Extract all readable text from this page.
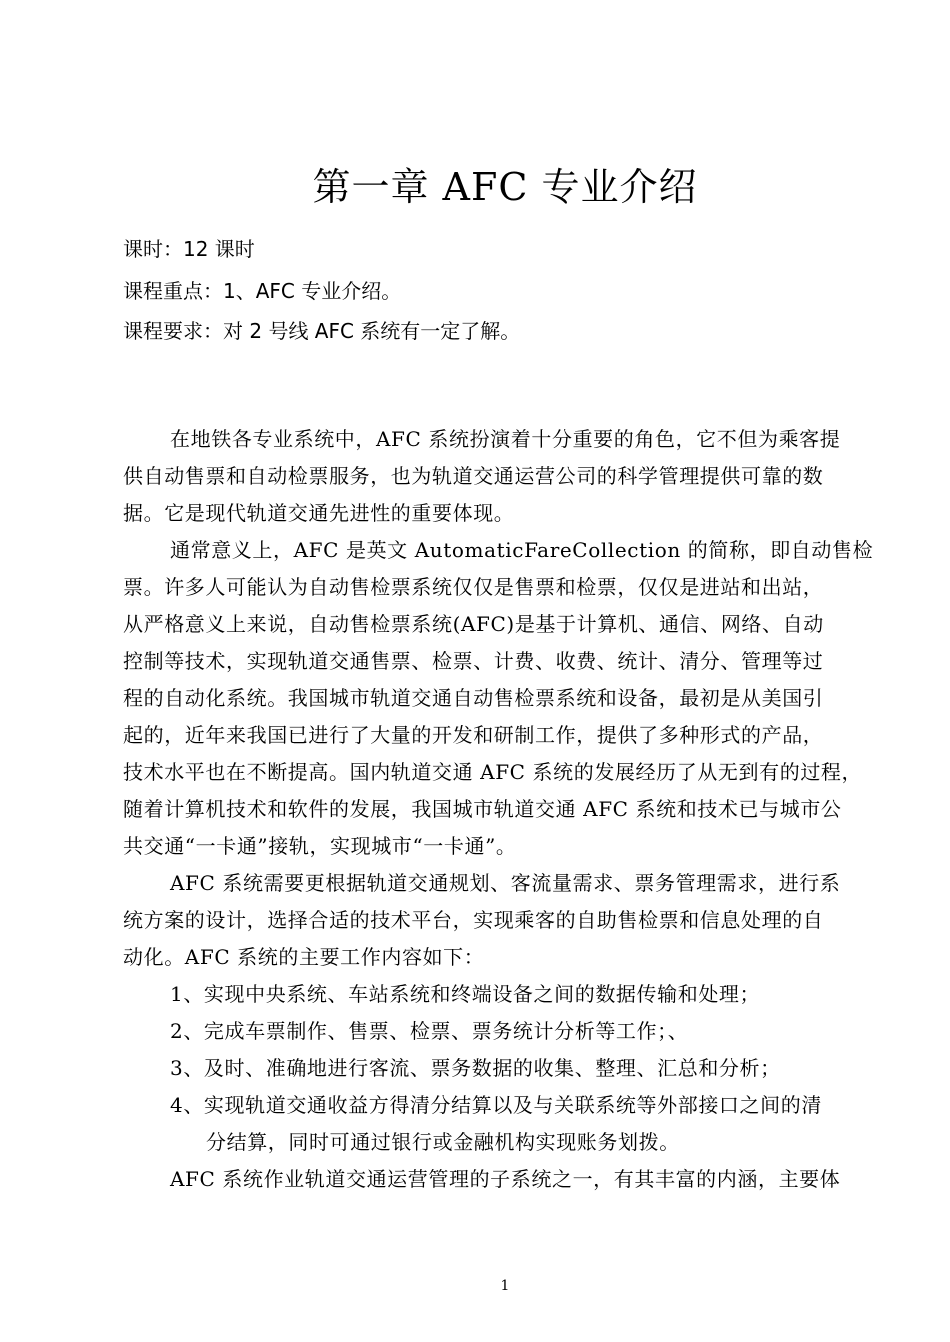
第一章 AFC 专业介绍
课时：12 课时
课程重点：1、AFC 专业介绍。
课程要求：对 2 号线 AFC 系统有一定了解。
在地铁各专业系统中，AFC 系统扮演着十分重要的角色，它不但为乘客提
供自动售票和自动检票服务，也为轨道交通运营公司的科学管理提供可靠的数
据。它是现代轨道交通先进性的重要体现。
通常意义上，AFC 是英文 AutomaticFareCollection 的简称，即自动售检
票。许多人可能认为自动售检票系统仅仅是售票和检票，仅仅是进站和出站，
从严格意义上来说，自动售检票系统(AFC)是基于计算机、通信、网络、自动
控制等技术，实现轨道交通售票、检票、计费、收费、统计、清分、管理等过
程的自动化系统。我国城市轨道交通自动售检票系统和设备，最初是从美国引
起的，近年来我国已进行了大量的开发和研制工作，提供了多种形式的产品，
技术水平也在不断提高。国内轨道交通 AFC 系统的发展经历了从无到有的过程，
随着计算机技术和软件的发展，我国城市轨道交通 AFC 系统和技术已与城市公
共交通“一卡通”接轨，实现城市“一卡通”。
AFC 系统需要更根据轨道交通规划、客流量需求、票务管理需求，进行系
统方案的设计，选择合适的技术平台，实现乘客的自助售检票和信息处理的自
动化。AFC 系统的主要工作内容如下：
1、实现中央系统、车站系统和终端设备之间的数据传输和处理；
2、完成车票制作、售票、检票、票务统计分析等工作；、
3、及时、准确地进行客流、票务数据的收集、整理、汇总和分析；
4、实现轨道交通收益方得清分结算以及与关联系统等外部接口之间的清
分结算，同时可通过银行或金融机构实现账务划拨。
AFC 系统作业轨道交通运营管理的子系统之一，有其丰富的内涵，主要体
1
